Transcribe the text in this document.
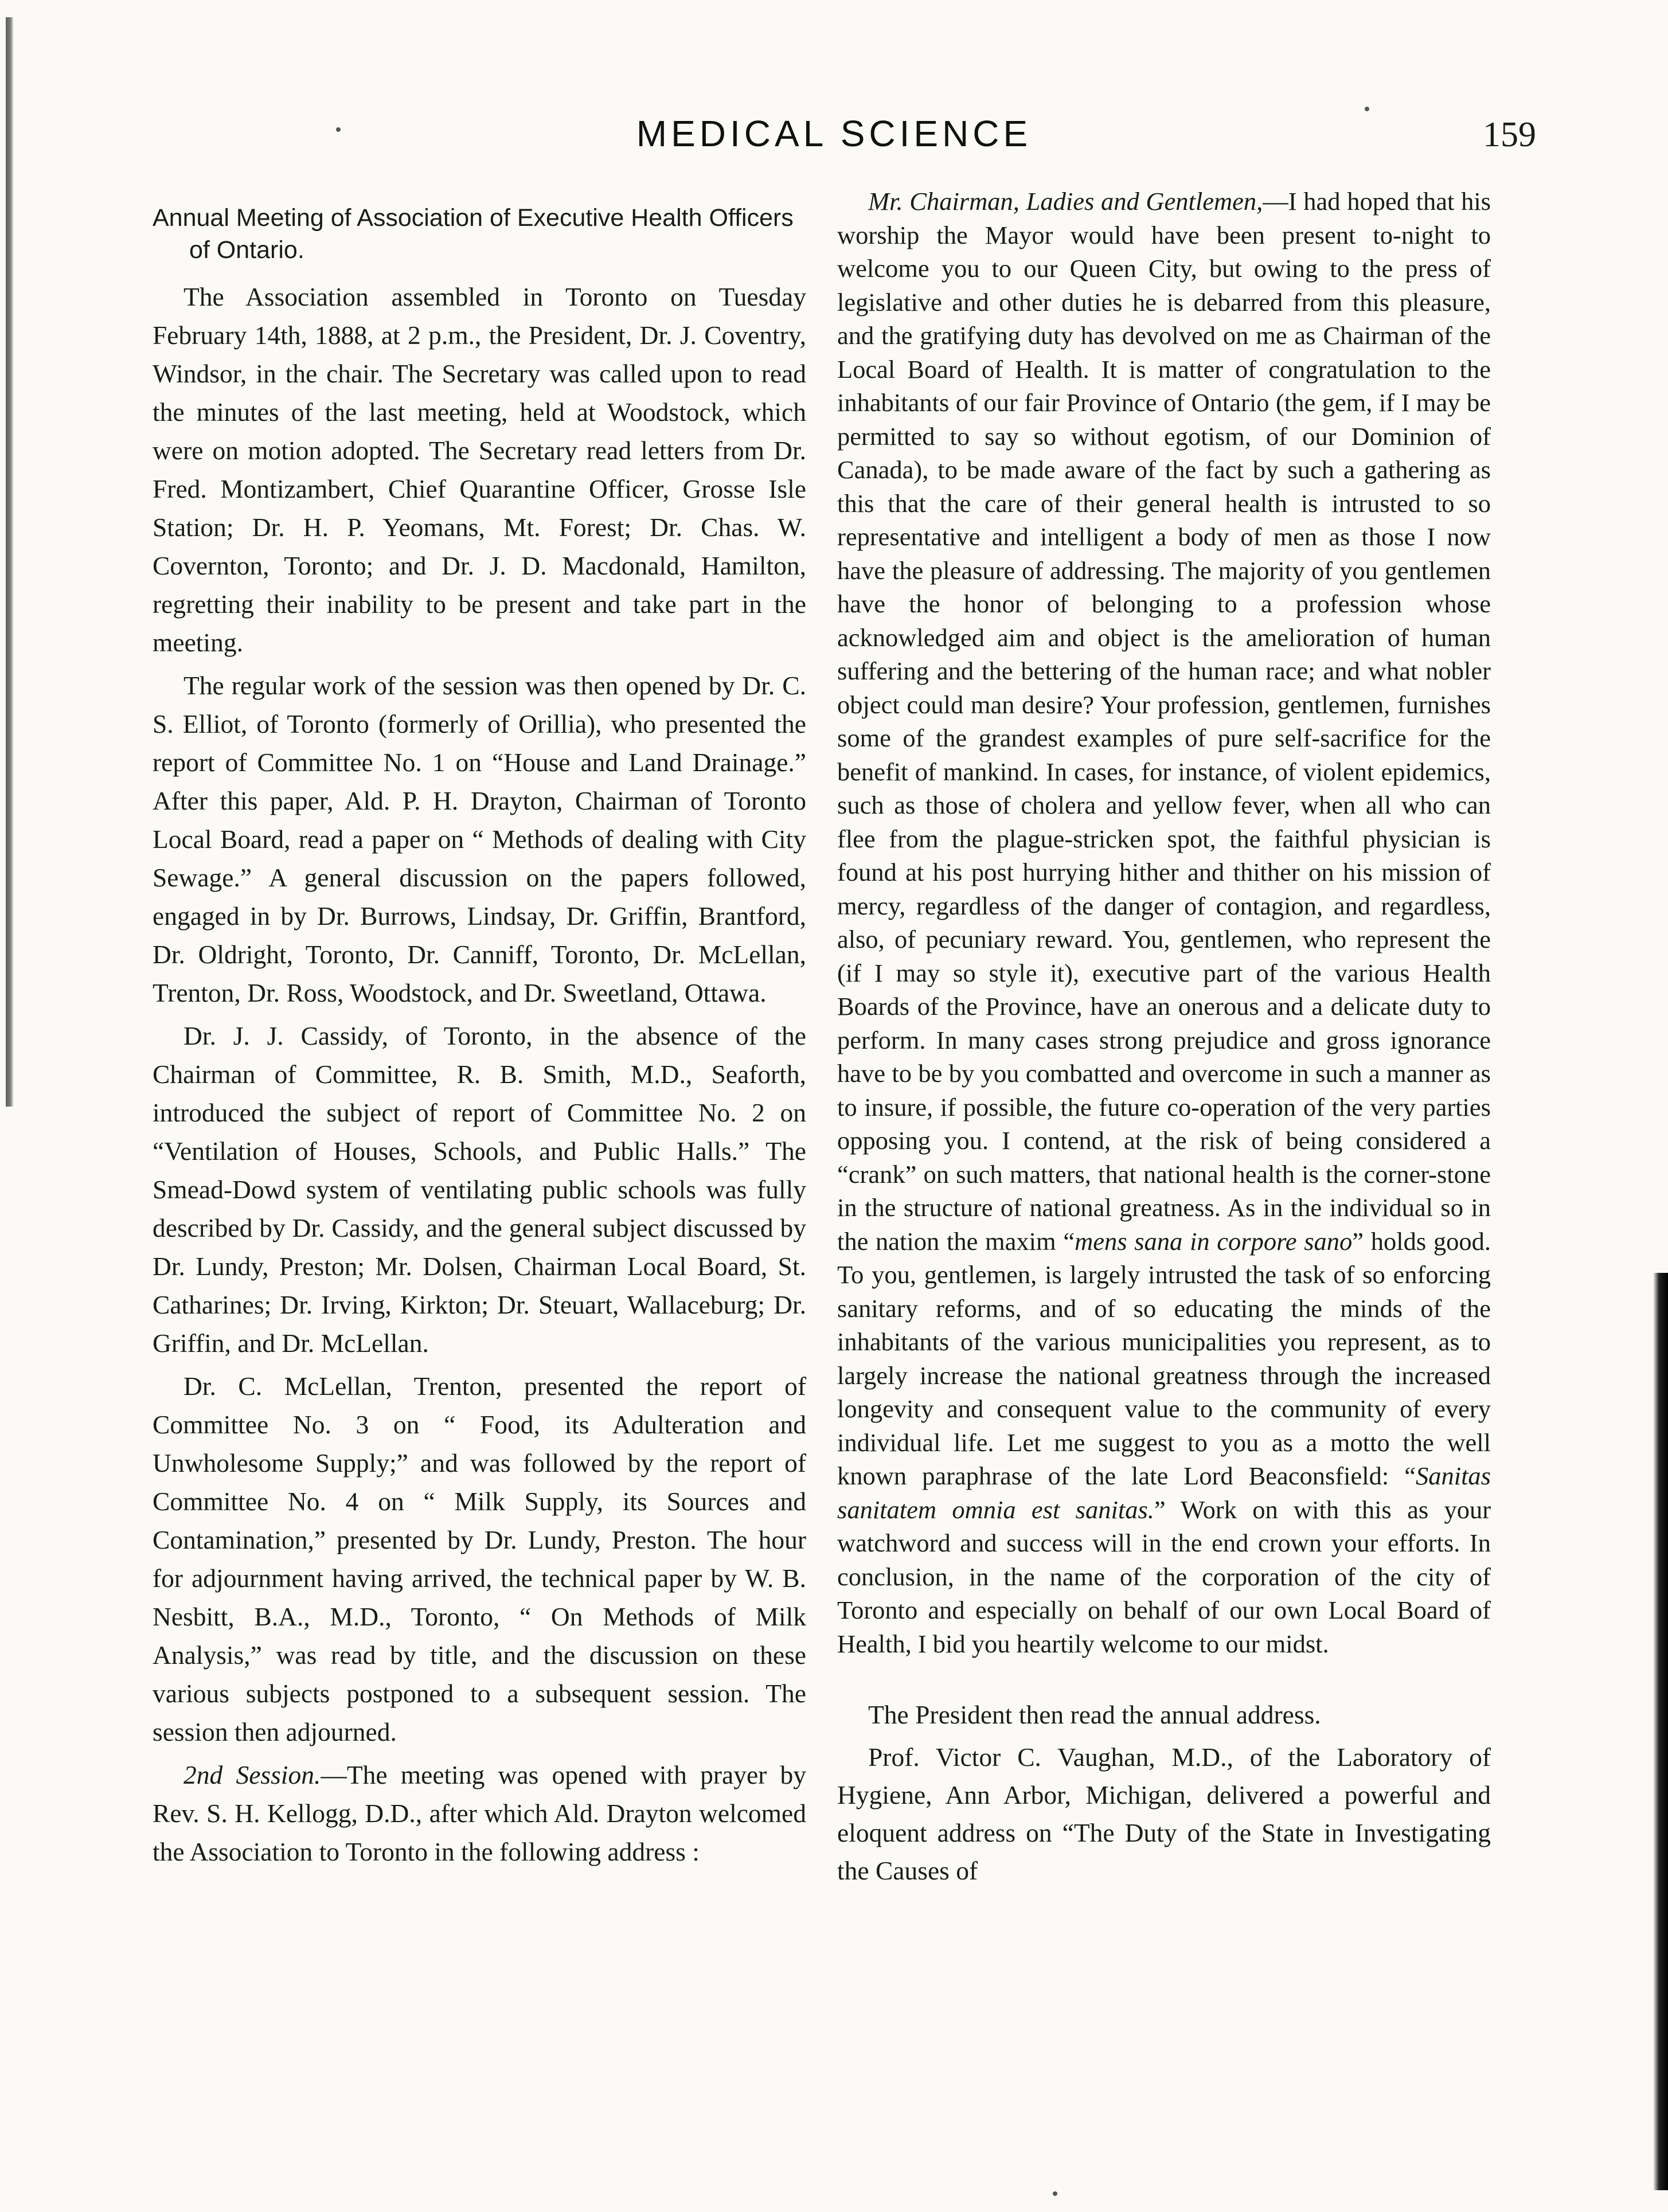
MEDICAL SCIENCE	159
Annual Meeting of Association of Executive Health Officers of Ontario.

The Association assembled in Toronto on Tuesday February 14th, 1888, at 2 p.m., the President, Dr. J. Coventry, Windsor, in the chair. The Secretary was called upon to read the minutes of the last meeting, held at Woodstock, which were on motion adopted. The Secretary read letters from Dr. Fred. Montizambert, Chief Quarantine Officer, Grosse Isle Station; Dr. H. P. Yeomans, Mt. Forest; Dr. Chas. W. Covernton, Toronto; and Dr. J. D. Macdonald, Hamilton, regretting their inability to be present and take part in the meeting.

The regular work of the session was then opened by Dr. C. S. Elliot, of Toronto (formerly of Orillia), who presented the report of Committee No. 1 on “House and Land Drainage.” After this paper, Ald. P. H. Drayton, Chairman of Toronto Local Board, read a paper on “ Methods of dealing with City Sewage.” A general discussion on the papers followed, engaged in by Dr. Burrows, Lindsay, Dr. Griffin, Brantford, Dr. Oldright, Toronto, Dr. Canniff, Toronto, Dr. McLellan, Trenton, Dr. Ross, Woodstock, and Dr. Sweetland, Ottawa.

Dr. J. J. Cassidy, of Toronto, in the absence of the Chairman of Committee, R. B. Smith, M.D., Seaforth, introduced the subject of report of Committee No. 2 on “Ventilation of Houses, Schools, and Public Halls.” The Smead-Dowd system of ventilating public schools was fully described by Dr. Cassidy, and the general subject discussed by Dr. Lundy, Preston; Mr. Dolsen, Chairman Local Board, St. Catharines; Dr. Irving, Kirkton; Dr. Steuart, Wallaceburg; Dr. Griffin, and Dr. McLellan.

Dr. C. McLellan, Trenton, presented the report of Committee No. 3 on “ Food, its Adulteration and Unwholesome Supply;” and was followed by the report of Committee No. 4 on “ Milk Supply, its Sources and Contamination,” presented by Dr. Lundy, Preston. The hour for adjournment having arrived, the technical paper by W. B. Nesbitt, B.A., M.D., Toronto, “ On Methods of Milk Analysis,” was read by title, and the discussion on these various subjects postponed to a subsequent session. The session then adjourned.

2nd Session.—The meeting was opened with prayer by Rev. S. H. Kellogg, D.D., after which Ald. Drayton welcomed the Association to Toronto in the following address :

Mr. Chairman, Ladies and Gentlemen,—I had hoped that his worship the Mayor would have been present to-night to welcome you to our Queen City, but owing to the press of legislative and other duties he is debarred from this pleasure, and the gratifying duty has devolved on me as Chairman of the Local Board of Health. It is matter of congratulation to the inhabitants of our fair Province of Ontario (the gem, if I may be permitted to say so without egotism, of our Dominion of Canada), to be made aware of the fact by such a gathering as this that the care of their general health is intrusted to so representative and intelligent a body of men as those I now have the pleasure of addressing. The majority of you gentlemen have the honor of belonging to a profession whose acknowledged aim and object is the amelioration of human suffering and the bettering of the human race; and what nobler object could man desire? Your profession, gentlemen, furnishes some of the grandest examples of pure self-sacrifice for the benefit of mankind. In cases, for instance, of violent epidemics, such as those of cholera and yellow fever, when all who can flee from the plague-stricken spot, the faithful physician is found at his post hurrying hither and thither on his mission of mercy, regardless of the danger of contagion, and regardless, also, of pecuniary reward. You, gentlemen, who represent the (if I may so style it), executive part of the various Health Boards of the Province, have an onerous and a delicate duty to perform. In many cases strong prejudice and gross ignorance have to be by you combatted and overcome in such a manner as to insure, if possible, the future co-operation of the very parties opposing you. I contend, at the risk of being considered a “crank” on such matters, that national health is the corner-stone in the structure of national greatness. As in the individual so in the nation the maxim “mens sana in corpore sano” holds good. To you, gentlemen, is largely intrusted the task of so enforcing sanitary reforms, and of so educating the minds of the inhabitants of the various municipalities you represent, as to largely increase the national greatness through the increased longevity and consequent value to the community of every individual life. Let me suggest to you as a motto the well known paraphrase of the late Lord Beaconsfield: “Sanitas sanitatem omnia est sanitas.” Work on with this as your watchword and success will in the end crown your efforts. In conclusion, in the name of the corporation of the city of Toronto and especially on behalf of our own Local Board of Health, I bid you heartily welcome to our midst.

The President then read the annual address.

Prof. Victor C. Vaughan, M.D., of the Laboratory of Hygiene, Ann Arbor, Michigan, delivered a powerful and eloquent address on “The Duty of the State in Investigating the Causes of
